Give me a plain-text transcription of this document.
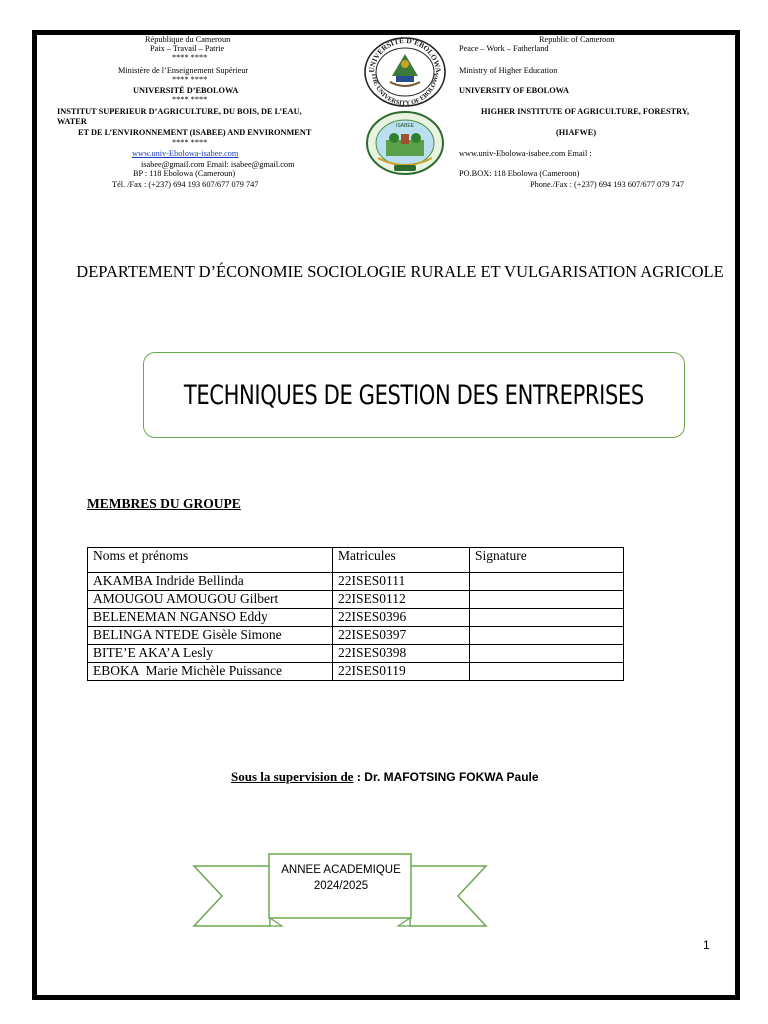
République du Cameroun
Paix – Travail – Patrie
**** ****
Ministère de l’Enseignement Supérieur
**** ****
UNIVERSITÉ D’EBOLOWA
**** ****
INSTITUT SUPERIEUR D’AGRICULTURE, DU BOIS, DE L’EAU,
WATER
ET DE L’ENVIRONNEMENT (ISABEE) AND ENVIRONMENT
**** ****
www.univ-Ebolowa-isabee.com
isabee@gmail.com Email: isabee@gmail.com
BP : 118 Ebolowa (Cameroun)
Tél. /Fax : (+237) 694 193 607/677 079 747
Republic of Cameroon
Peace – Work – Fatherland
Ministry of Higher Education
UNIVERSITY OF EBOLOWA
HIGHER INSTITUTE OF AGRICULTURE, FORESTRY,
(HIAFWE)
www.univ-Ebolowa-isabee.com Email :
PO.BOX: 118 Ebolowa (Cameroon)
Phone./Fax : (+237) 694 193 607/677 079 747
UNIVERSITÉ D'EBOLOWA
THE UNIVERSITY OF EBOLOWA
ISABEE
DEPARTEMENT D’ÉCONOMIE SOCIOLOGIE RURALE ET VULGARISATION AGRICOLE
TECHNIQUES DE GESTION DES ENTREPRISES
MEMBRES DU GROUPE
Noms et prénoms	Matricules	Signature
AKAMBA Indride Bellinda	22ISES0111	
AMOUGOU AMOUGOU Gilbert	22ISES0112	
BELENEMAN NGANSO Eddy	22ISES0396	
BELINGA NTEDE Gisèle Simone	22ISES0397	
BITE’E AKA’A Lesly	22ISES0398	
EBOKA  Marie Michèle Puissance	22ISES0119	
Sous la supervision de : Dr. MAFOTSING FOKWA Paule
ANNEE ACADEMIQUE
2024/2025
1
